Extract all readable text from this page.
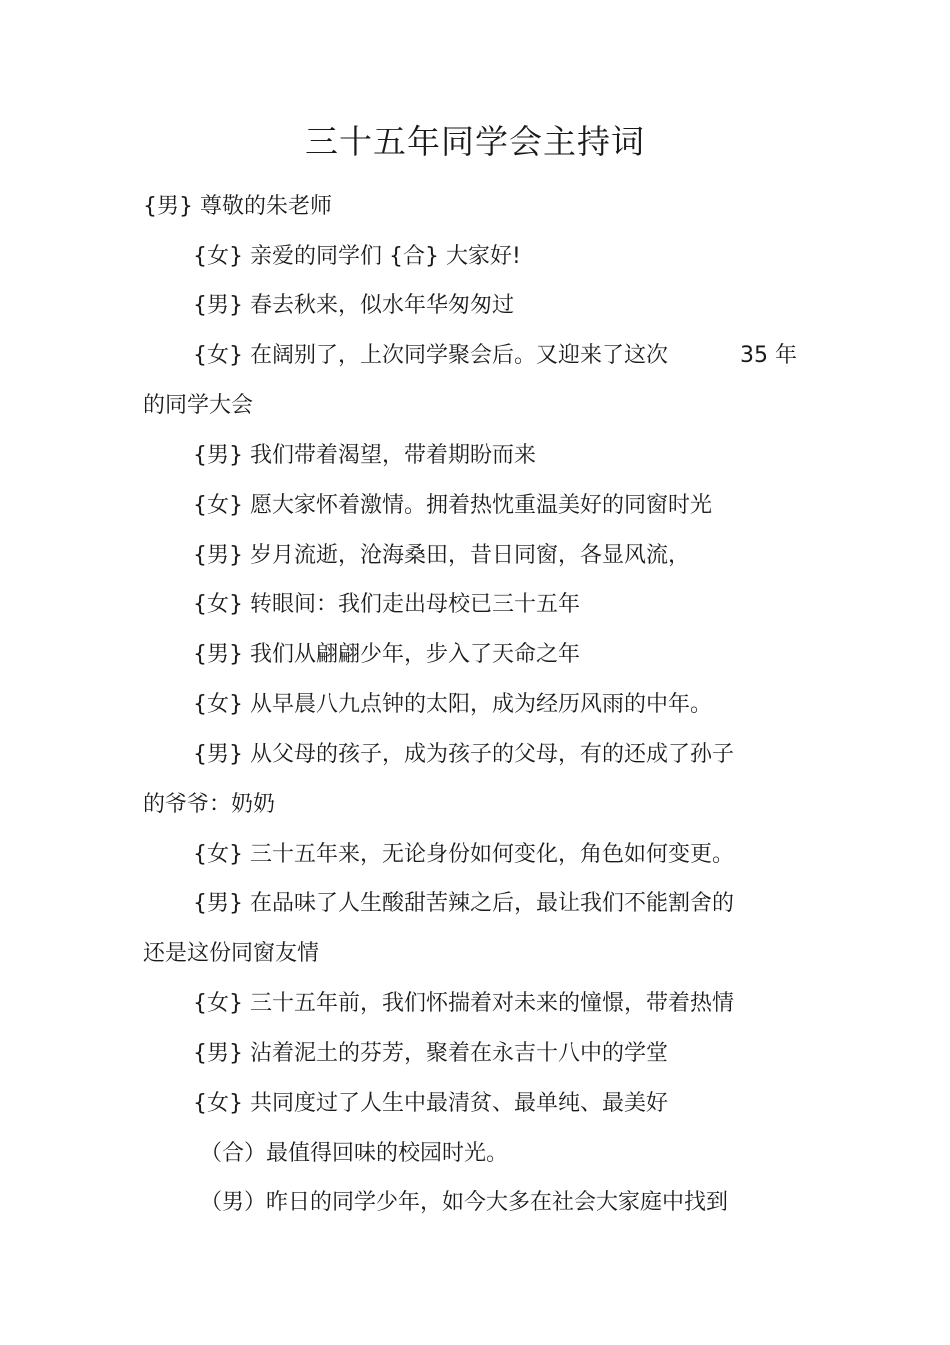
三十五年同学会主持词
{男} 尊敬的朱老师
{女} 亲爱的同学们 {合} 大家好!
{男} 春去秋来，似水年华匆匆过
{女} 在阔别了，上次同学聚会后。又迎来了这次	35 年
的同学大会
{男} 我们带着渴望，带着期盼而来
{女} 愿大家怀着激情。拥着热忱重温美好的同窗时光
{男} 岁月流逝，沧海桑田，昔日同窗，各显风流，
{女} 转眼间：我们走出母校已三十五年
{男} 我们从翩翩少年，步入了天命之年
{女} 从早晨八九点钟的太阳，成为经历风雨的中年。
{男} 从父母的孩子，成为孩子的父母，有的还成了孙子
的爷爷：奶奶
{女} 三十五年来，无论身份如何变化，角色如何变更。
{男} 在品味了人生酸甜苦辣之后，最让我们不能割舍的
还是这份同窗友情
{女} 三十五年前，我们怀揣着对未来的憧憬，带着热情
{男} 沾着泥土的芬芳，聚着在永吉十八中的学堂
{女} 共同度过了人生中最清贫、最单纯、最美好
（合）最值得回味的校园时光。
（男）昨日的同学少年，如今大多在社会大家庭中找到
